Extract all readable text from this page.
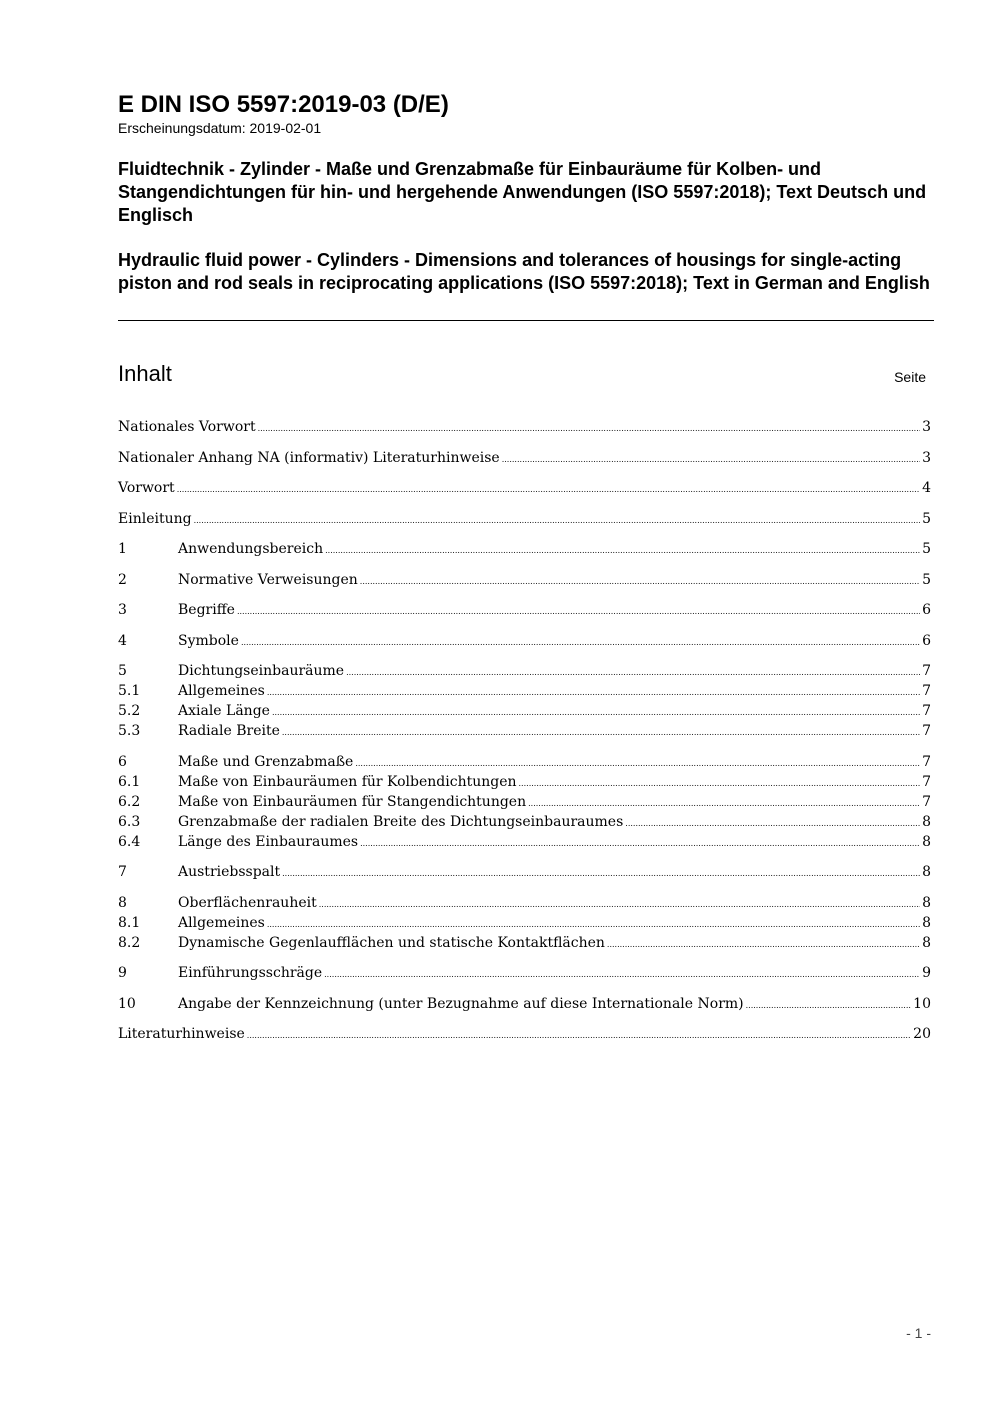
E DIN ISO 5597:2019-03 (D/E)

Erscheinungsdatum: 2019-02-01

Fluidtechnik - Zylinder - Maße und Grenzabmaße für Einbauräume für Kolben- und Stangendichtungen für hin- und hergehende Anwendungen (ISO 5597:2018); Text Deutsch und Englisch

Hydraulic fluid power - Cylinders - Dimensions and tolerances of housings for single-acting piston and rod seals in reciprocating applications (ISO 5597:2018); Text in German and English

Inhalt	Seite
Nationales Vorwort .....	3
Nationaler Anhang NA (informativ) Literaturhinweise .....	3
Vorwort .....	4
Einleitung .....	5
1	Anwendungsbereich .....	5
2	Normative Verweisungen .....	5
3	Begriffe .....	6
4	Symbole .....	6
5	Dichtungseinbauräume .....	7
5.1	Allgemeines .....	7
5.2	Axiale Länge .....	7
5.3	Radiale Breite .....	7
6	Maße und Grenzabmaße .....	7
6.1	Maße von Einbauräumen für Kolbendichtungen .....	7
6.2	Maße von Einbauräumen für Stangendichtungen .....	7
6.3	Grenzabmaße der radialen Breite des Dichtungseinbauraumes .....	8
6.4	Länge des Einbauraumes .....	8
7	Austriebsspalt .....	8
8	Oberflächenrauheit .....	8
8.1	Allgemeines .....	8
8.2	Dynamische Gegenlaufflächen und statische Kontaktflächen .....	8
9	Einführungsschräge .....	9
10	Angabe der Kennzeichnung (unter Bezugnahme auf diese Internationale Norm) .....	10
Literaturhinweise .....	20
- 1 -
